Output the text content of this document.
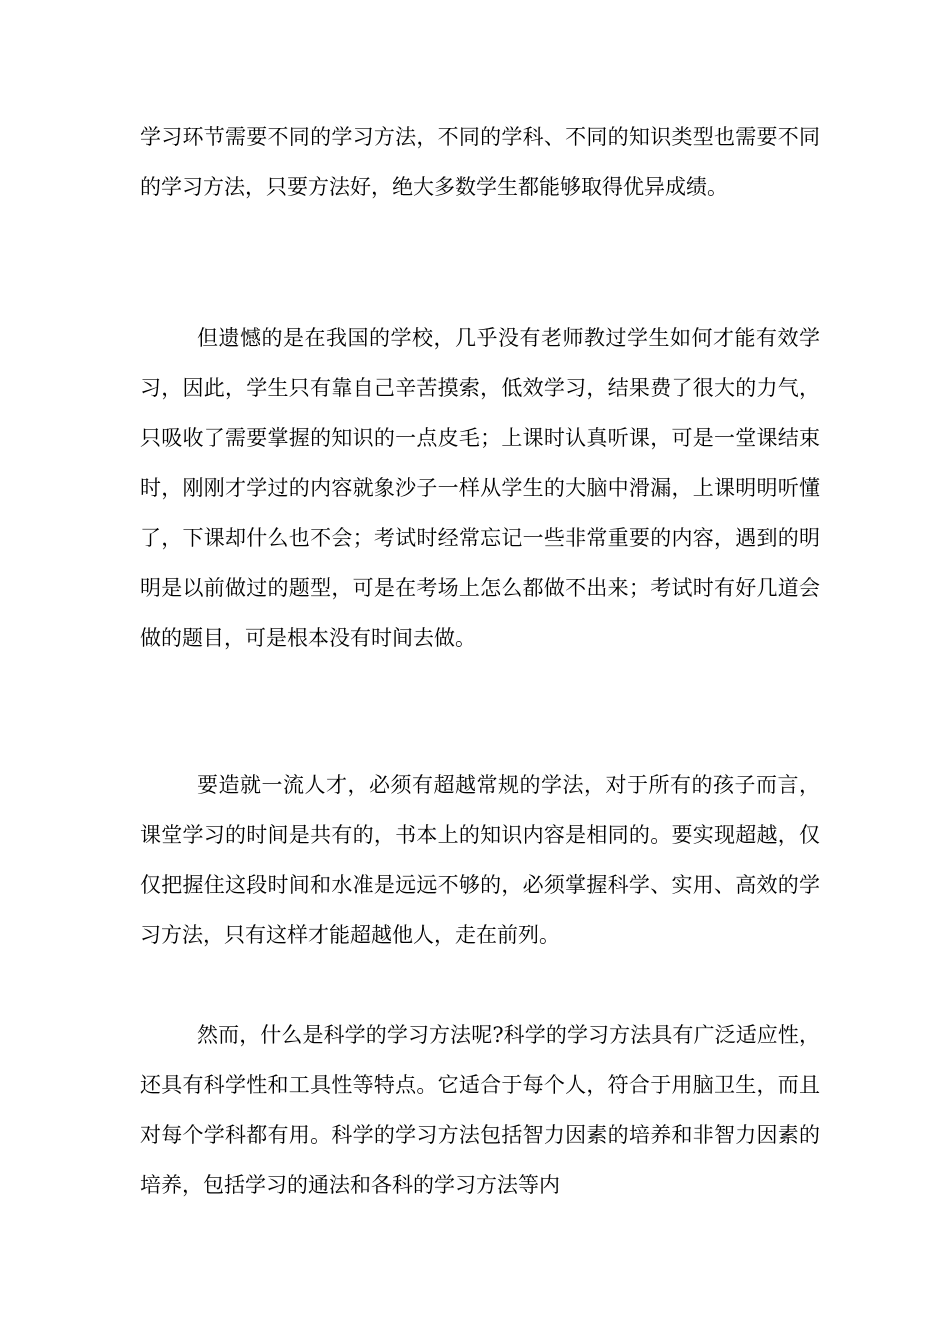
学习环节需要不同的学习方法，不同的学科、不同的知识类型也需要不同的学习方法，只要方法好，绝大多数学生都能够取得优异成绩。

但遗憾的是在我国的学校，几乎没有老师教过学生如何才能有效学习，因此，学生只有靠自己辛苦摸索，低效学习，结果费了很大的力气，只吸收了需要掌握的知识的一点皮毛；上课时认真听课，可是一堂课结束时，刚刚才学过的内容就象沙子一样从学生的大脑中滑漏，上课明明听懂了，下课却什么也不会；考试时经常忘记一些非常重要的内容，遇到的明明是以前做过的题型，可是在考场上怎么都做不出来；考试时有好几道会做的题目，可是根本没有时间去做。

要造就一流人才，必须有超越常规的学法，对于所有的孩子而言，课堂学习的时间是共有的，书本上的知识内容是相同的。要实现超越，仅仅把握住这段时间和水准是远远不够的，必须掌握科学、实用、高效的学习方法，只有这样才能超越他人，走在前列。

然而，什么是科学的学习方法呢?科学的学习方法具有广泛适应性，还具有科学性和工具性等特点。它适合于每个人，符合于用脑卫生，而且对每个学科都有用。科学的学习方法包括智力因素的培养和非智力因素的培养，包括学习的通法和各科的学习方法等内
